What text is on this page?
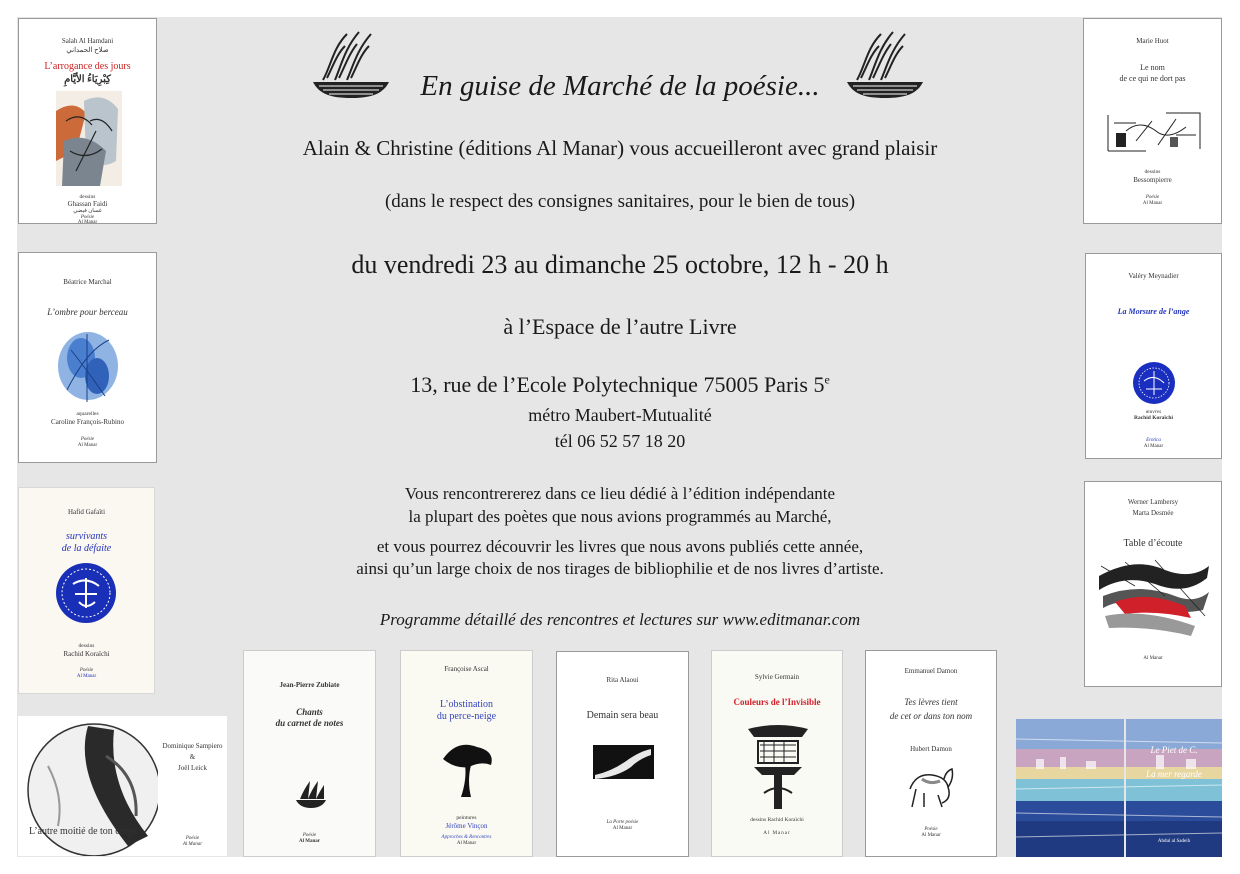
En guise de Marché de la poésie...
Alain & Christine (éditions Al Manar) vous accueilleront avec grand plaisir
(dans le respect des consignes sanitaires, pour le bien de tous)
du vendredi 23 au dimanche 25 octobre, 12 h - 20 h
à l’Espace de l’autre Livre
13, rue de l’Ecole Polytechnique 75005 Paris 5e
métro Maubert-Mutualité
tél 06 52 57 18 20
Vous rencontrererez dans ce lieu dédié à l’édition indépendante
la plupart des poètes que nous avions programmés au Marché,
et vous pourrez découvrir les livres que nous avons publiés cette année,
ainsi qu’un large choix de nos tirages de bibliophilie et de nos livres d’artiste.
Programme détaillé des rencontres et lectures sur www.editmanar.com
Salah Al Hamdani
صلاح الحمداني
L’arrogance des jours
كِبْرِيَاءُ الأيَّامِ
dessins
Ghassan Faidi
غسان فيضي
Poésie
Al Manar
Béatrice Marchal
L’ombre pour berceau
aquarelles
Caroline François-Rubino
Poésie
Al Manar
Hafid Gafaïti
survivants
de la défaite
dessins
Rachid Koraïchi
Poésie
Al Manar
Dominique Sampiero
&
Joël Leick
L’autre moitié de ton corps
Poésie
Al Manar
Jean-Pierre Zubiate
Chants
du carnet de notes
Poésie
Al Manar
Françoise Ascal
L’obstination
du perce-neige
peintures
Jérôme Vinçon
Approches & Rencontres
Al Manar
Rita Alaoui
Demain sera beau
La Porte poésie
Al Manar
Sylvie Germain
Couleurs de l’Invisible
dessins Rachid Koraïchi
Al Manar
Emmanuel Damon
Tes lèvres tient
de cet or dans ton nom
Hubert Damon
Poésie
Al Manar
Le Piet de C.
La mer regarde
Abdul al Sadeih
Marie Huot
Le nom
de ce qui ne dort pas
dessins
Bessompierre
Poésie
Al Manar
Valéry Meynadier
La Morsure de l’ange
œuvres
Rachid Koraïchi
Erotica
Al Manar
Werner Lambersy
Marta Desmée
Table d’écoute
Al Manar
